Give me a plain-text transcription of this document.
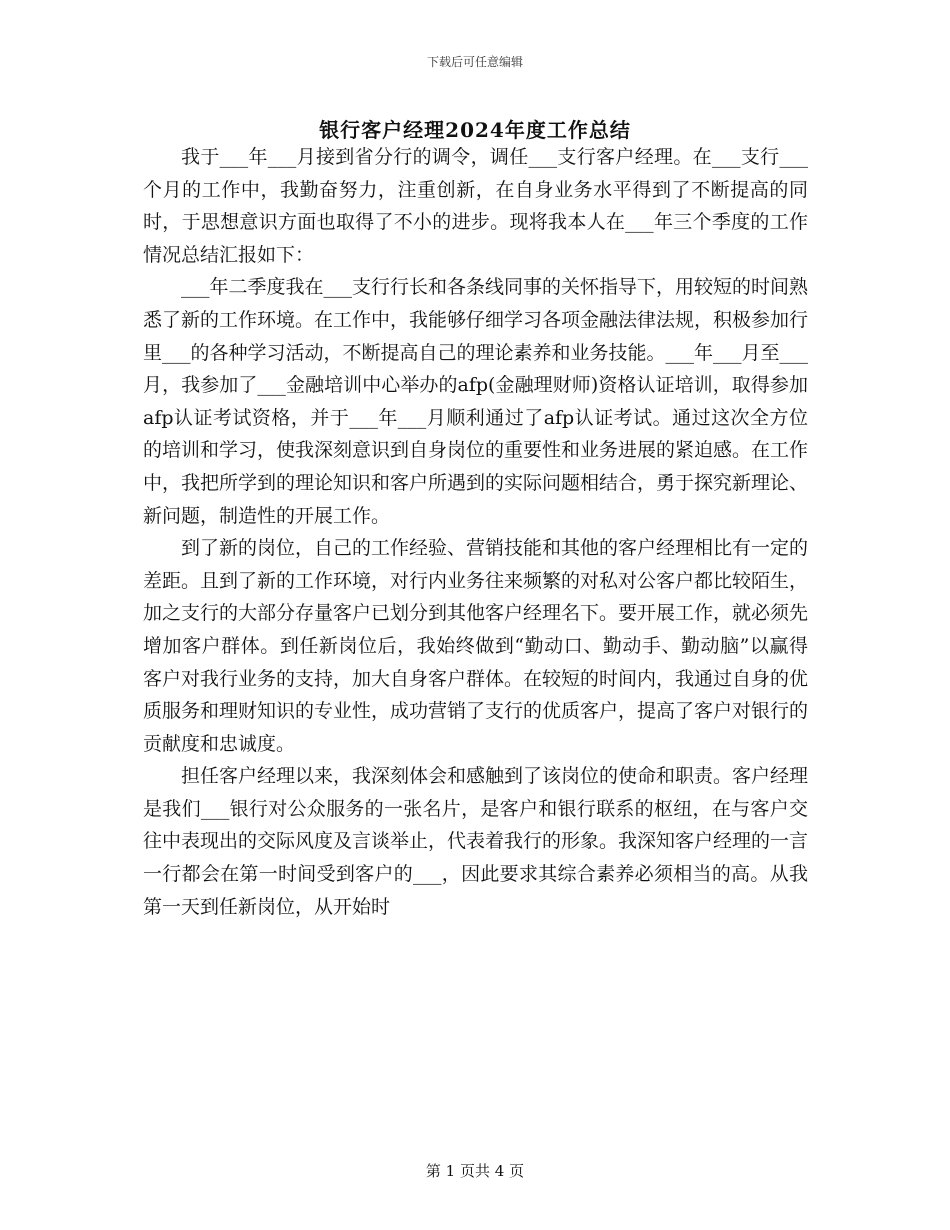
下载后可任意编辑
银行客户经理2024年度工作总结

我于___年___月接到省分行的调令，调任___支行客户经理。在___支行___个月的工作中，我勤奋努力，注重创新，在自身业务水平得到了不断提高的同时，于思想意识方面也取得了不小的进步。现将我本人在___年三个季度的工作情况总结汇报如下：

___年二季度我在___支行行长和各条线同事的关怀指导下，用较短的时间熟悉了新的工作环境。在工作中，我能够仔细学习各项金融法律法规，积极参加行里___的各种学习活动，不断提高自己的理论素养和业务技能。___年___月至___月，我参加了___金融培训中心举办的afp(金融理财师)资格认证培训，取得参加afp认证考试资格，并于___年___月顺利通过了afp认证考试。通过这次全方位的培训和学习，使我深刻意识到自身岗位的重要性和业务进展的紧迫感。在工作中，我把所学到的理论知识和客户所遇到的实际问题相结合，勇于探究新理论、新问题，制造性的开展工作。

到了新的岗位，自己的工作经验、营销技能和其他的客户经理相比有一定的差距。且到了新的工作环境，对行内业务往来频繁的对私对公客户都比较陌生，加之支行的大部分存量客户已划分到其他客户经理名下。要开展工作，就必须先增加客户群体。到任新岗位后，我始终做到“勤动口、勤动手、勤动脑”以赢得客户对我行业务的支持，加大自身客户群体。在较短的时间内，我通过自身的优质服务和理财知识的专业性，成功营销了支行的优质客户，提高了客户对银行的贡献度和忠诚度。

担任客户经理以来，我深刻体会和感触到了该岗位的使命和职责。客户经理是我们___银行对公众服务的一张名片，是客户和银行联系的枢纽，在与客户交往中表现出的交际风度及言谈举止，代表着我行的形象。我深知客户经理的一言一行都会在第一时间受到客户的___，因此要求其综合素养必须相当的高。从我第一天到任新岗位，从开始时

第 1 页共 4 页
